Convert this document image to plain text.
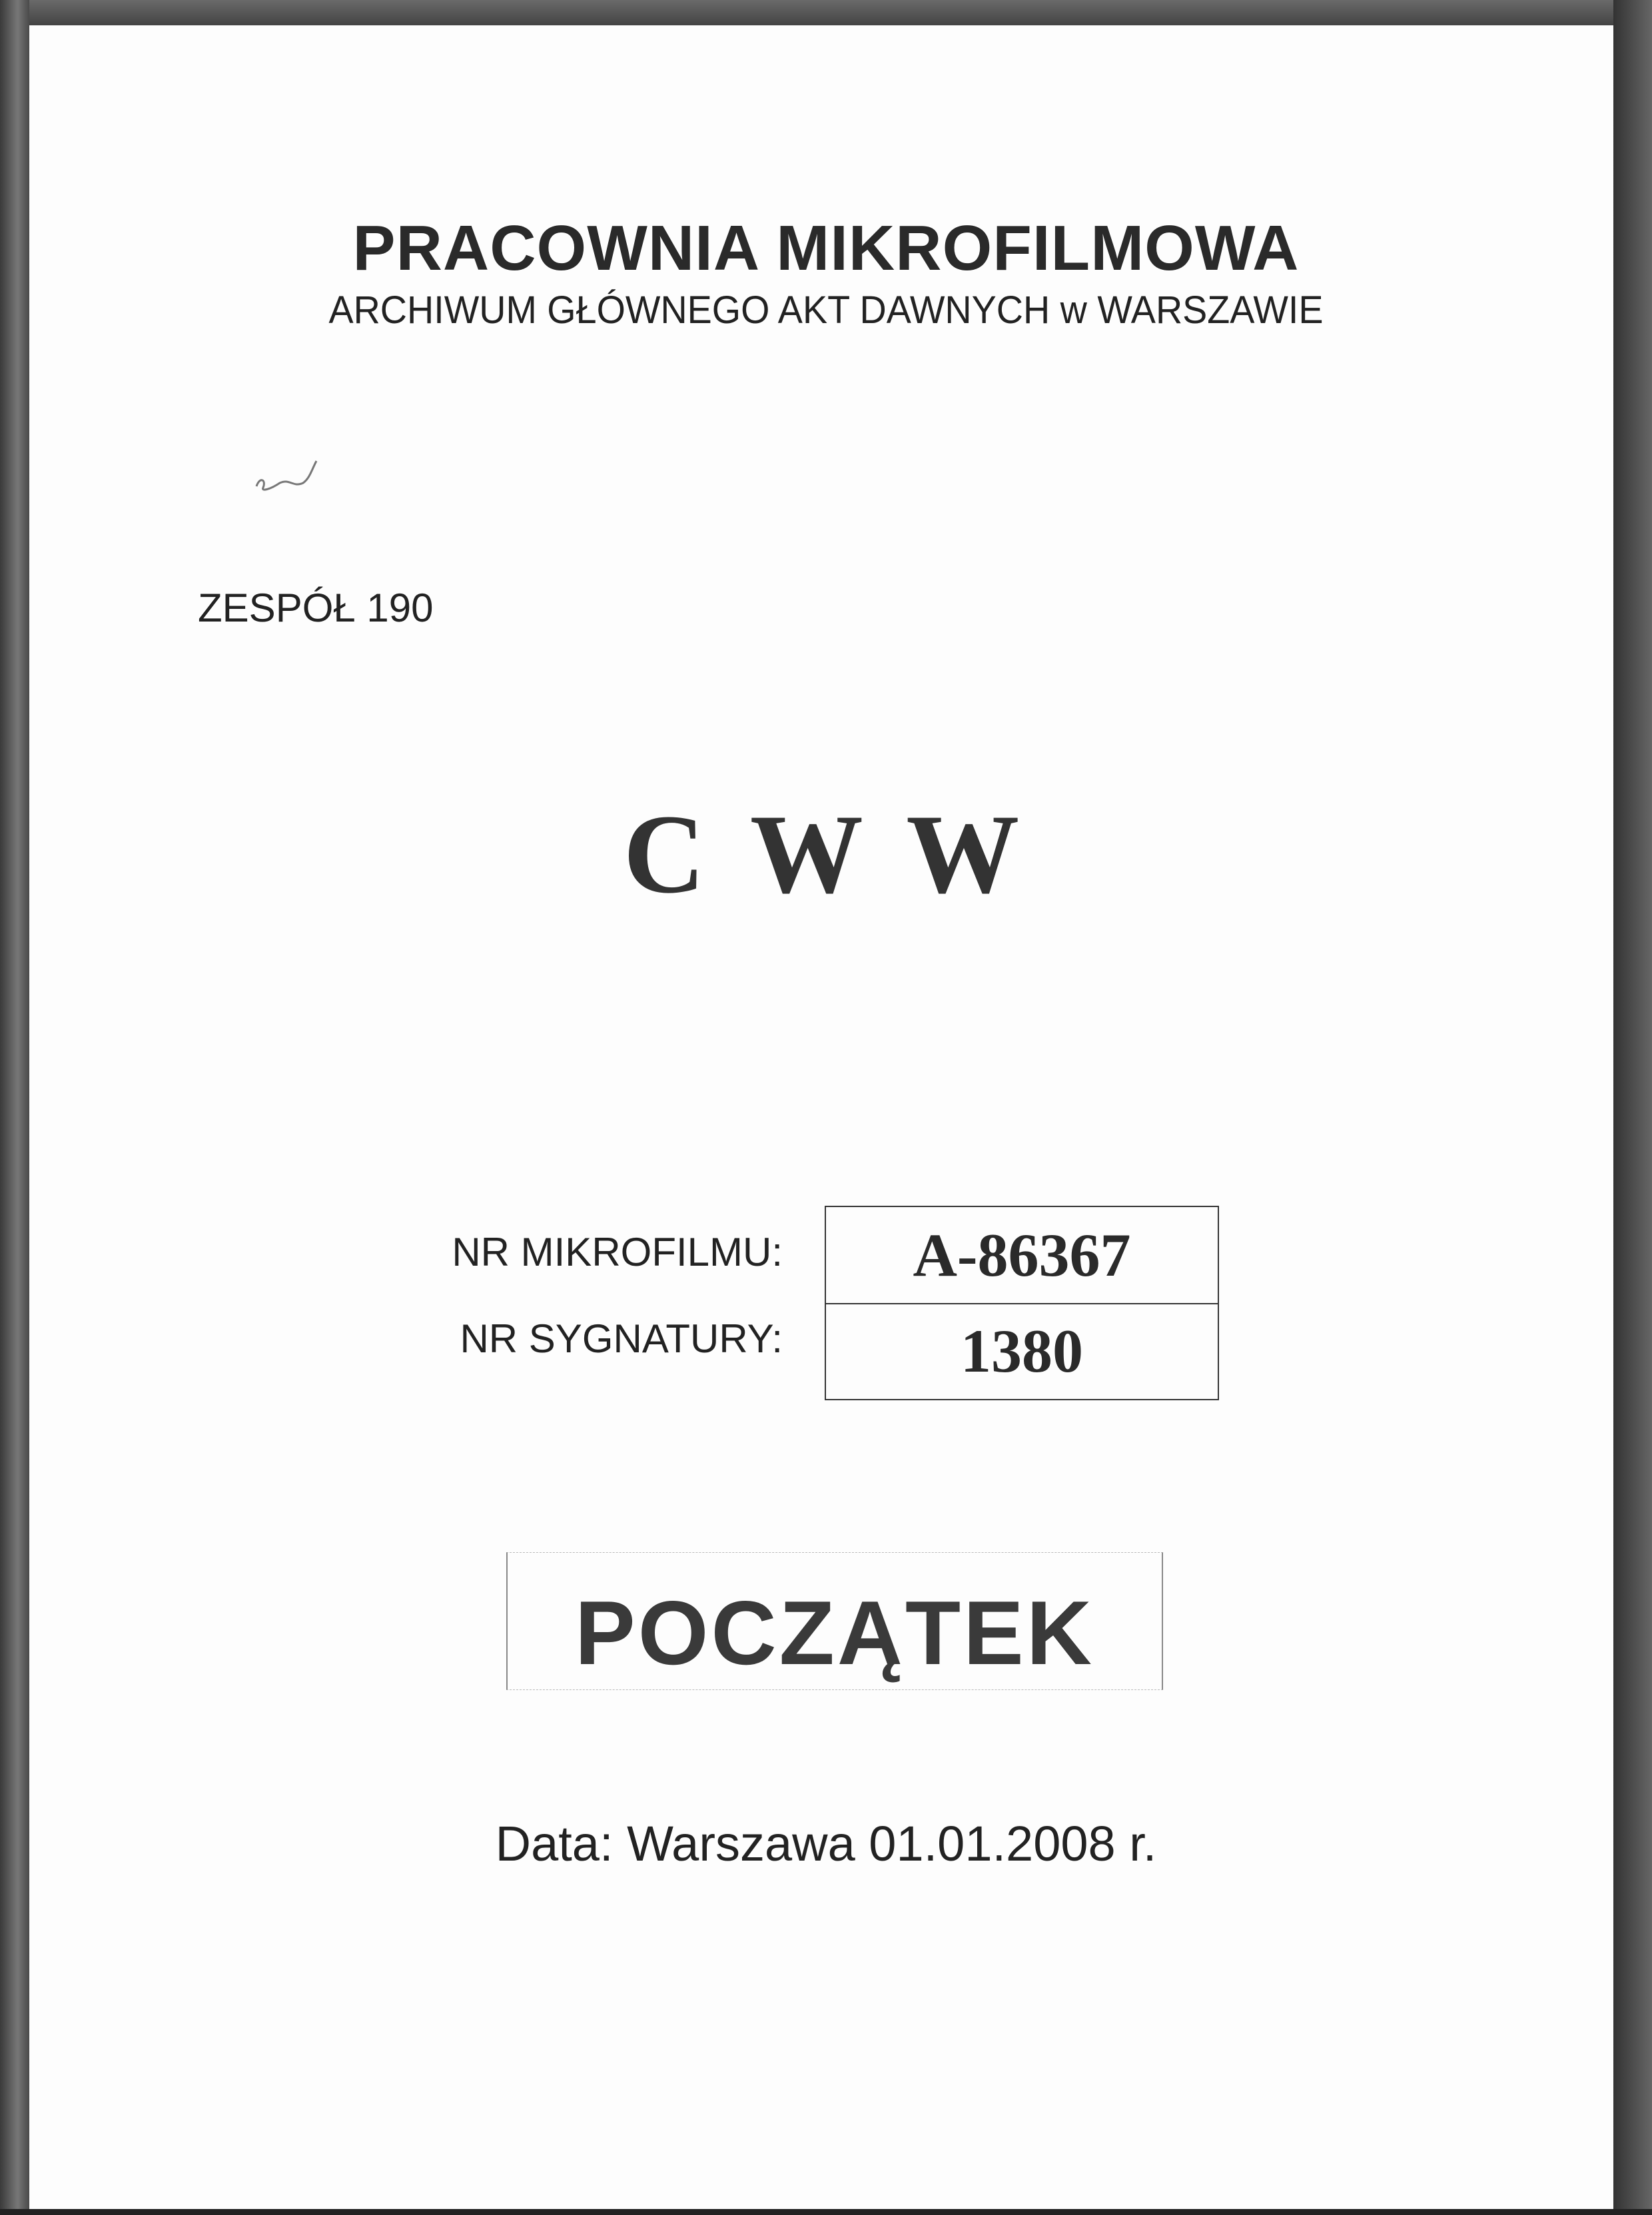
PRACOWNIA MIKROFILMOWA
ARCHIWUM GŁÓWNEGO AKT DAWNYCH w WARSZAWIE
ZESPÓŁ 190
C W W
NR MIKROFILMU:
NR SYGNATURY:
A-86367
1380
POCZĄTEK
Data: Warszawa 01.01.2008 r.
